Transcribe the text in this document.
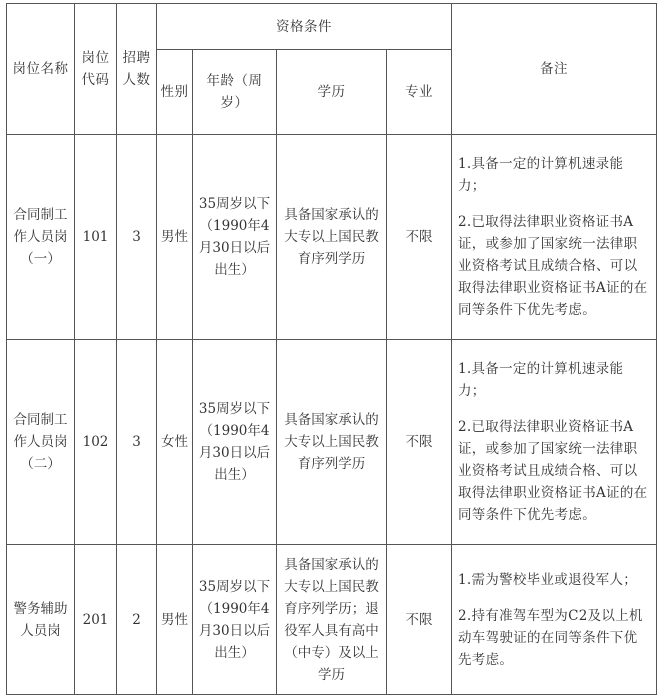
岗位名称	岗位代码	招聘人数	资格条件				备注
			性别	年龄（周岁）	学历	专业	
合同制工作人员岗（一）	101	3	男性	35周岁以下（1990年4月30日以后出生）	具备国家承认的大专以上国民教育序列学历	不限	1.具备一定的计算机速录能力；

2.已取得法律职业资格证书A证，或参加了国家统一法律职业资格考试且成绩合格、可以取得法律职业资格证书A证的在同等条件下优先考虑。

合同制工作人员岗（二）	102	3	女性	35周岁以下（1990年4月30日以后出生）	具备国家承认的大专以上国民教育序列学历	不限	1.具备一定的计算机速录能力；

2.已取得法律职业资格证书A证，或参加了国家统一法律职业资格考试且成绩合格、可以取得法律职业资格证书A证的在同等条件下优先考虑。

警务辅助人员岗	201	2	男性	35周岁以下（1990年4月30日以后出生）	具备国家承认的大专以上国民教育序列学历；退役军人具有高中（中专）及以上学历	不限	1.需为警校毕业或退役军人；

2.持有准驾车型为C2及以上机动车驾驶证的在同等条件下优先考虑。
